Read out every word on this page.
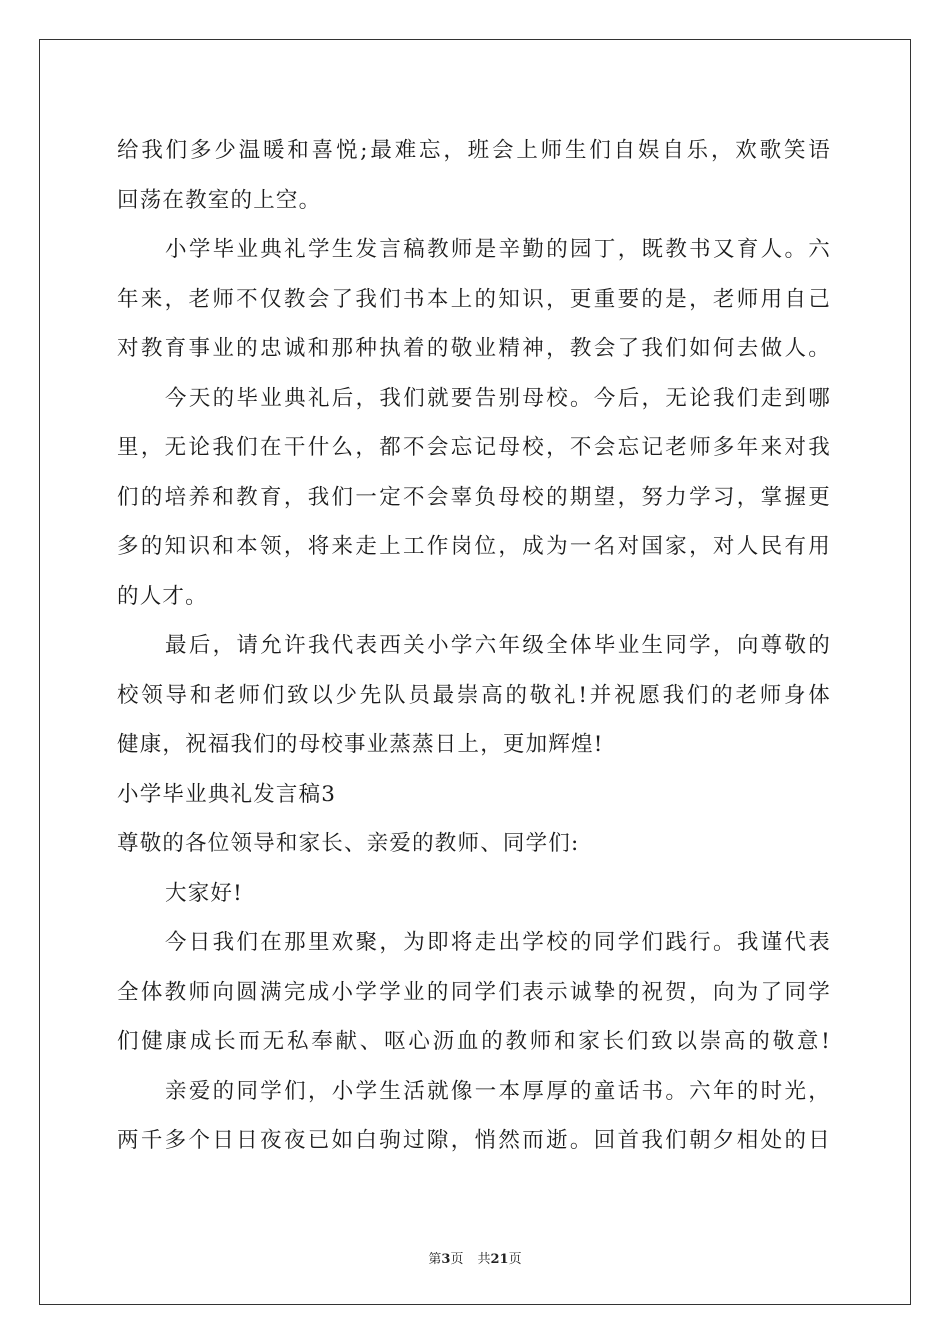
给我们多少温暖和喜悦;最难忘，班会上师生们自娱自乐，欢歌笑语
回荡在教室的上空。
小学毕业典礼学生发言稿教师是辛勤的园丁，既教书又育人。六
年来，老师不仅教会了我们书本上的知识，更重要的是，老师用自己
对教育事业的忠诚和那种执着的敬业精神，教会了我们如何去做人。
今天的毕业典礼后，我们就要告别母校。今后，无论我们走到哪
里，无论我们在干什么，都不会忘记母校，不会忘记老师多年来对我
们的培养和教育，我们一定不会辜负母校的期望，努力学习，掌握更
多的知识和本领，将来走上工作岗位，成为一名对国家，对人民有用
的人才。
最后，请允许我代表西关小学六年级全体毕业生同学，向尊敬的
校领导和老师们致以少先队员最崇高的敬礼!并祝愿我们的老师身体
健康，祝福我们的母校事业蒸蒸日上，更加辉煌!
小学毕业典礼发言稿3
尊敬的各位领导和家长、亲爱的教师、同学们:
大家好!
今日我们在那里欢聚，为即将走出学校的同学们践行。我谨代表
全体教师向圆满完成小学学业的同学们表示诚挚的祝贺，向为了同学
们健康成长而无私奉献、呕心沥血的教师和家长们致以崇高的敬意!
亲爱的同学们，小学生活就像一本厚厚的童话书。六年的时光，
两千多个日日夜夜已如白驹过隙，悄然而逝。回首我们朝夕相处的日
第3页 共21页
